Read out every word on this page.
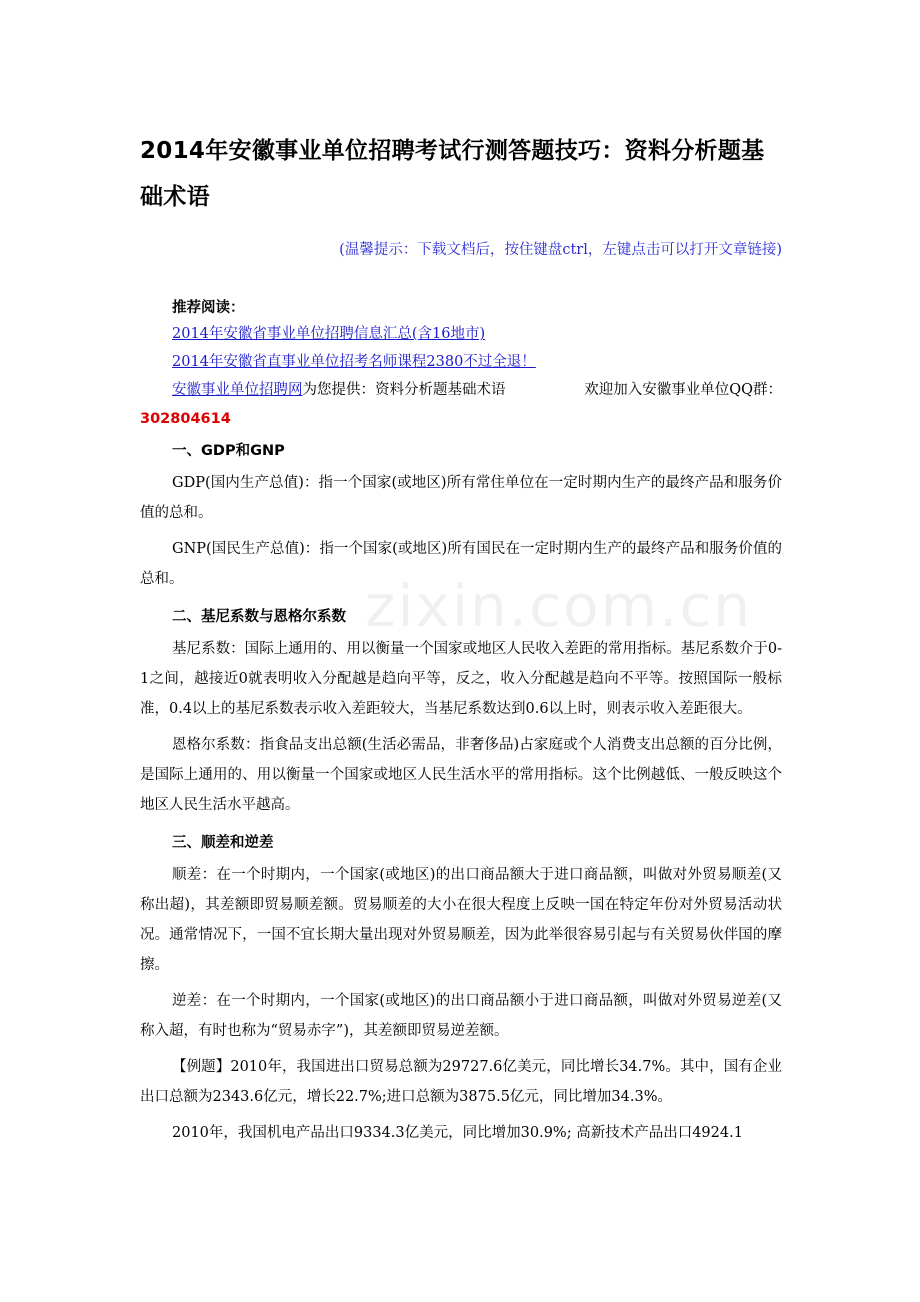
zixin.com.cn
2014年安徽事业单位招聘考试行测答题技巧：资料分析题基础术语
(温馨提示：下载文档后，按住键盘ctrl，左键点击可以打开文章链接)
推荐阅读：
2014年安徽省事业单位招聘信息汇总(含16地市)
2014年安徽省直事业单位招考名师课程2380不过全退！
安徽事业单位招聘网为您提供：资料分析题基础术语	欢迎加入安徽事业单位QQ群：
302804614
一、GDP和GNP

GDP(国内生产总值)：指一个国家(或地区)所有常住单位在一定时期内生产的最终产品和服务价值的总和。

GNP(国民生产总值)：指一个国家(或地区)所有国民在一定时期内生产的最终产品和服务价值的总和。

二、基尼系数与恩格尔系数

基尼系数：国际上通用的、用以衡量一个国家或地区人民收入差距的常用指标。基尼系数介于0-1之间，越接近0就表明收入分配越是趋向平等，反之，收入分配越是趋向不平等。按照国际一般标准，0.4以上的基尼系数表示收入差距较大，当基尼系数达到0.6以上时，则表示收入差距很大。

恩格尔系数：指食品支出总额(生活必需品，非奢侈品)占家庭或个人消费支出总额的百分比例，是国际上通用的、用以衡量一个国家或地区人民生活水平的常用指标。这个比例越低、一般反映这个地区人民生活水平越高。

三、顺差和逆差

顺差：在一个时期内，一个国家(或地区)的出口商品额大于进口商品额，叫做对外贸易顺差(又称出超)，其差额即贸易顺差额。贸易顺差的大小在很大程度上反映一国在特定年份对外贸易活动状况。通常情况下，一国不宜长期大量出现对外贸易顺差，因为此举很容易引起与有关贸易伙伴国的摩擦。

逆差：在一个时期内，一个国家(或地区)的出口商品额小于进口商品额，叫做对外贸易逆差(又称入超，有时也称为“贸易赤字”)，其差额即贸易逆差额。

【例题】2010年，我国进出口贸易总额为29727.6亿美元，同比增长34.7%。其中，国有企业出口总额为2343.6亿元，增长22.7%;进口总额为3875.5亿元，同比增加34.3%。

2010年，我国机电产品出口9334.3亿美元，同比增加30.9%; 高新技术产品出口4924.1
